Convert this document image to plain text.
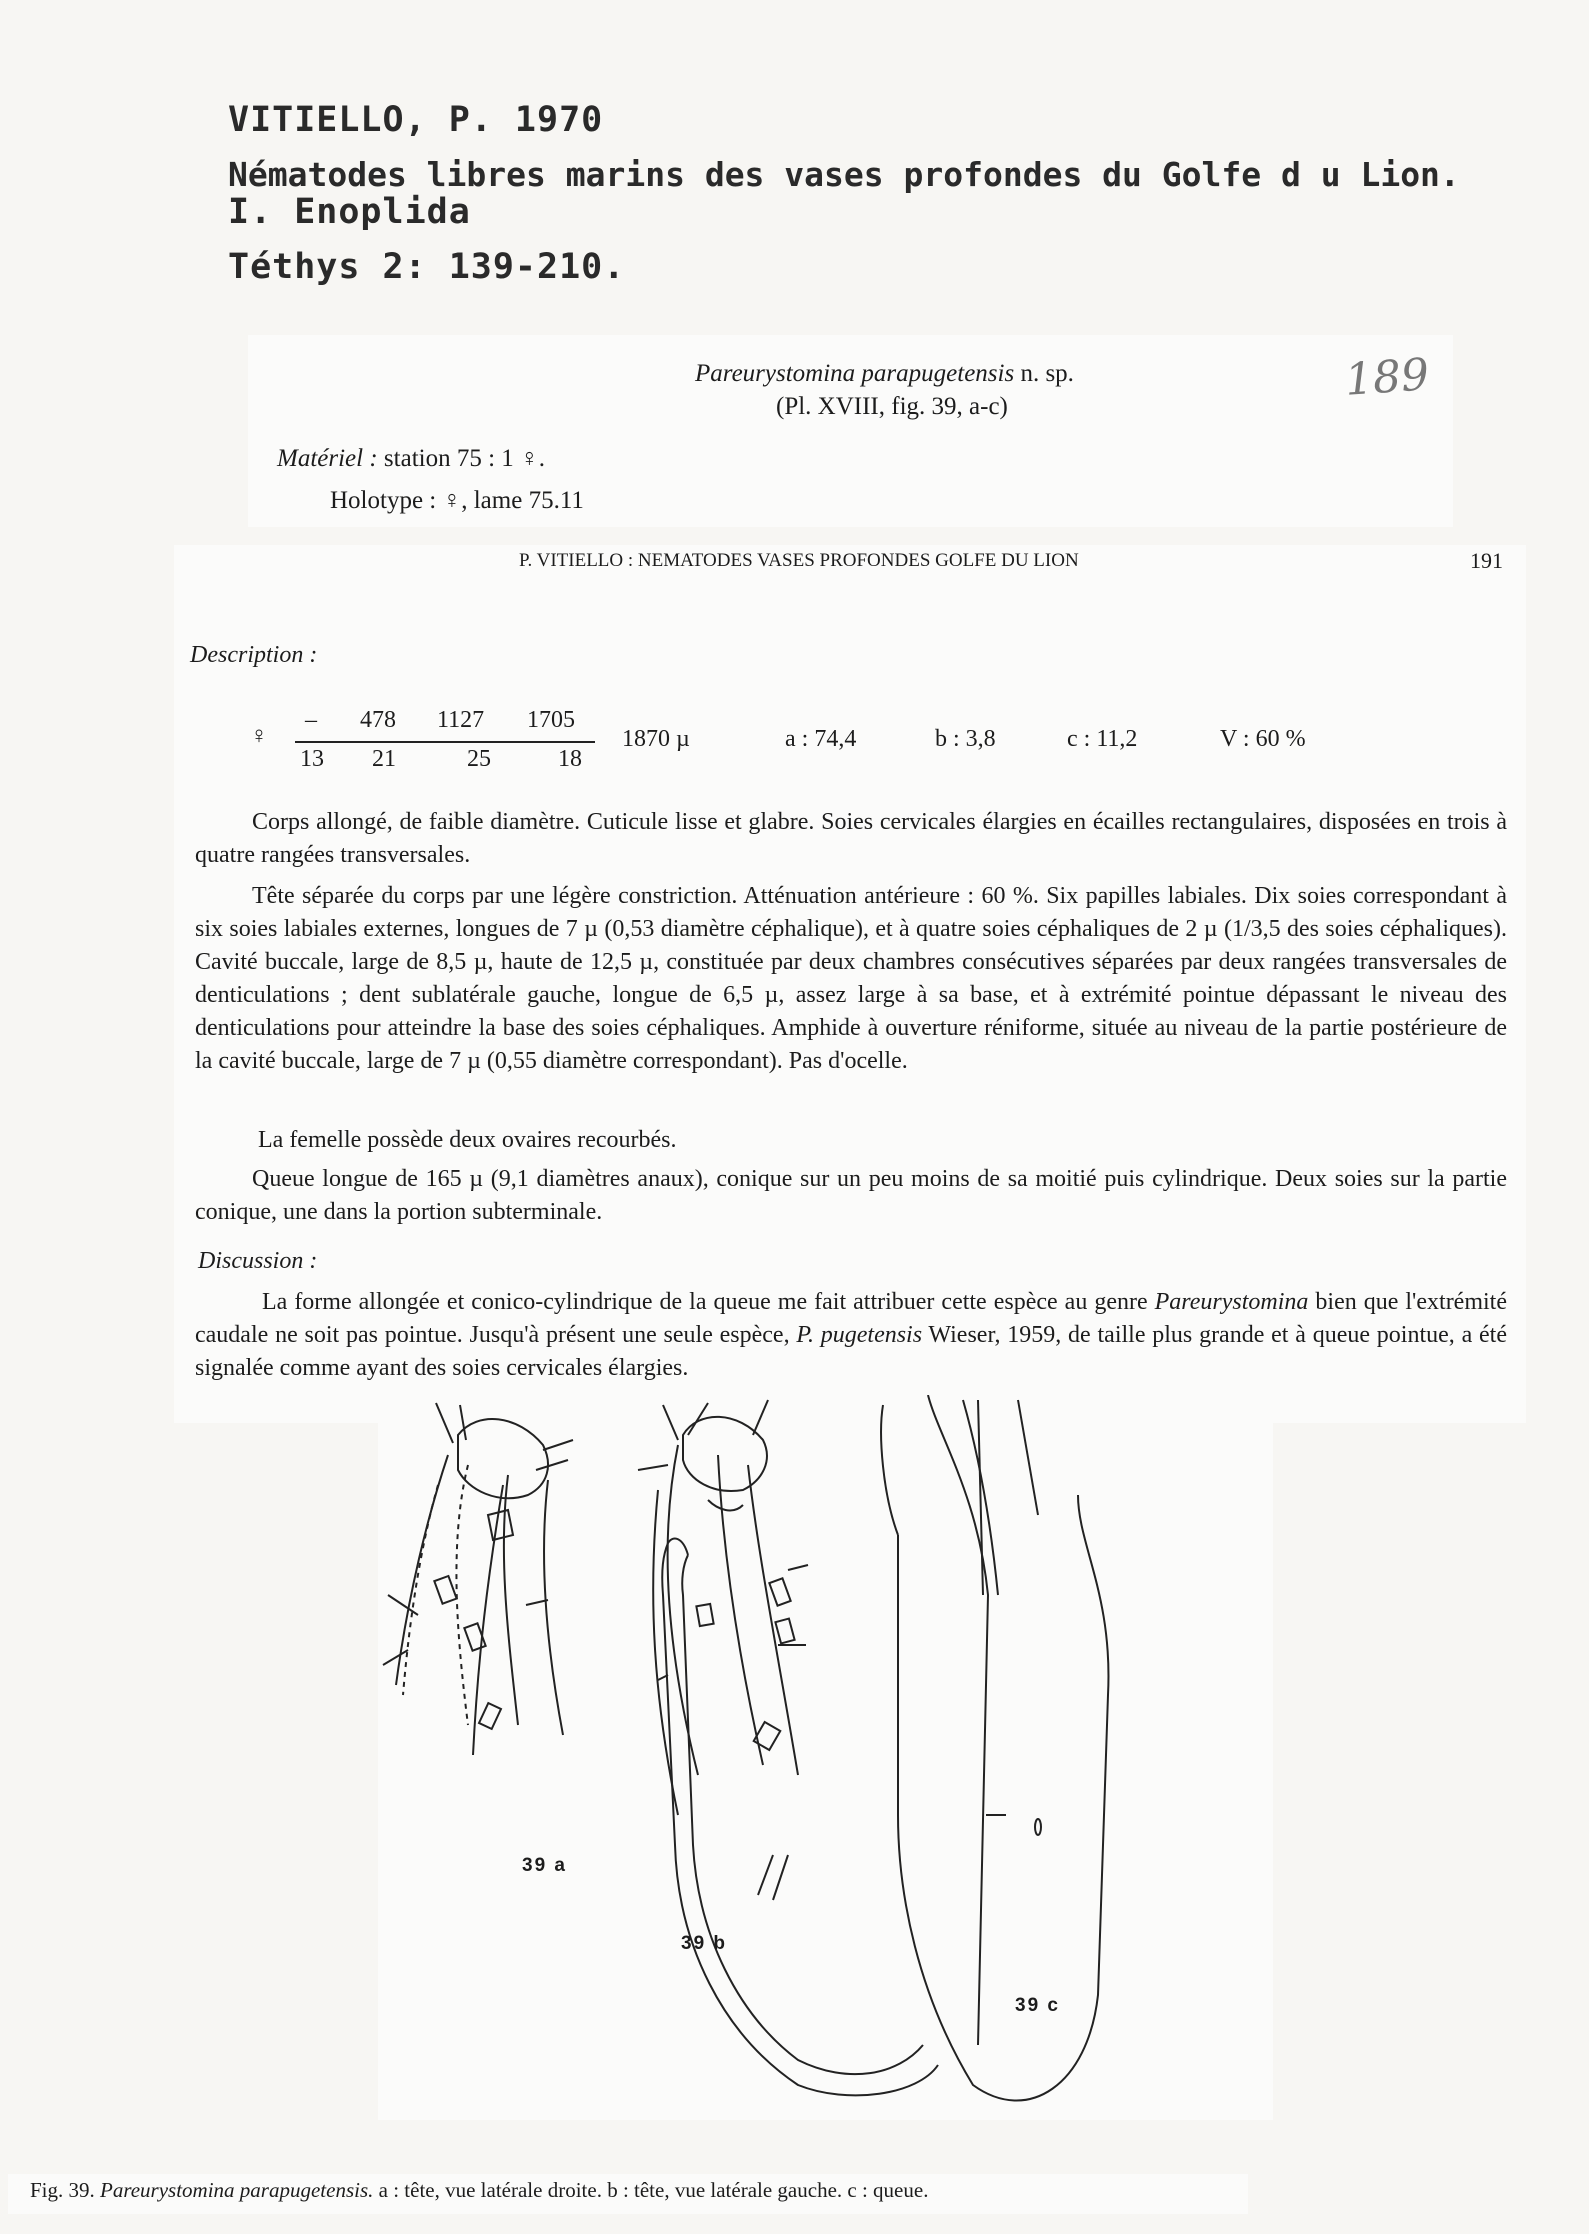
VITIELLO, P. 1970
Nématodes libres marins des vases profondes du Golfe d u Lion.
I. Enoplida
Téthys 2: 139-210.
Pareurystomina parapugetensis n. sp.
(Pl. XVIII, fig. 39, a-c)
189
Matériel : station 75 : 1 ♀.
Holotype : ♀, lame 75.11
P. VITIELLO : NEMATODES VASES PROFONDES GOLFE DU LION	191
Description :
♀
– 478 1127 1705
13 21	25	18
1870 µ	a : 74,4	b : 3,8	c : 11,2	V : 60 %
Corps allongé, de faible diamètre. Cuticule lisse et glabre. Soies cervicales élargies en écailles rectangulaires, disposées en trois à quatre rangées transversales.
Tête séparée du corps par une légère constriction. Atténuation antérieure : 60 %. Six papilles labiales. Dix soies correspondant à six soies labiales externes, longues de 7 µ (0,53 diamètre céphalique), et à quatre soies céphaliques de 2 µ (1/3,5 des soies céphaliques). Cavité buccale, large de 8,5 µ, haute de 12,5 µ, constituée par deux chambres consécutives séparées par deux rangées transversales de denticulations ; dent sublatérale gauche, longue de 6,5 µ, assez large à sa base, et à extrémité pointue dépassant le niveau des denticulations pour atteindre la base des soies céphaliques. Amphide à ouverture réniforme, située au niveau de la partie postérieure de la cavité buccale, large de 7 µ (0,55 diamètre correspondant). Pas d'ocelle.
La femelle possède deux ovaires recourbés.
Queue longue de 165 µ (9,1 diamètres anaux), conique sur un peu moins de sa moitié puis cylindrique. Deux soies sur la partie conique, une dans la portion subterminale.
Discussion :
La forme allongée et conico-cylindrique de la queue me fait attribuer cette espèce au genre Pareurystomina bien que l'extrémité caudale ne soit pas pointue. Jusqu'à présent une seule espèce, P. pugetensis Wieser, 1959, de taille plus grande et à queue pointue, a été signalée comme ayant des soies cervicales élargies.
39 a
39 b
39 c
Fig. 39. Pareurystomina parapugetensis. a : tête, vue latérale droite. b : tête, vue latérale gauche. c : queue.
